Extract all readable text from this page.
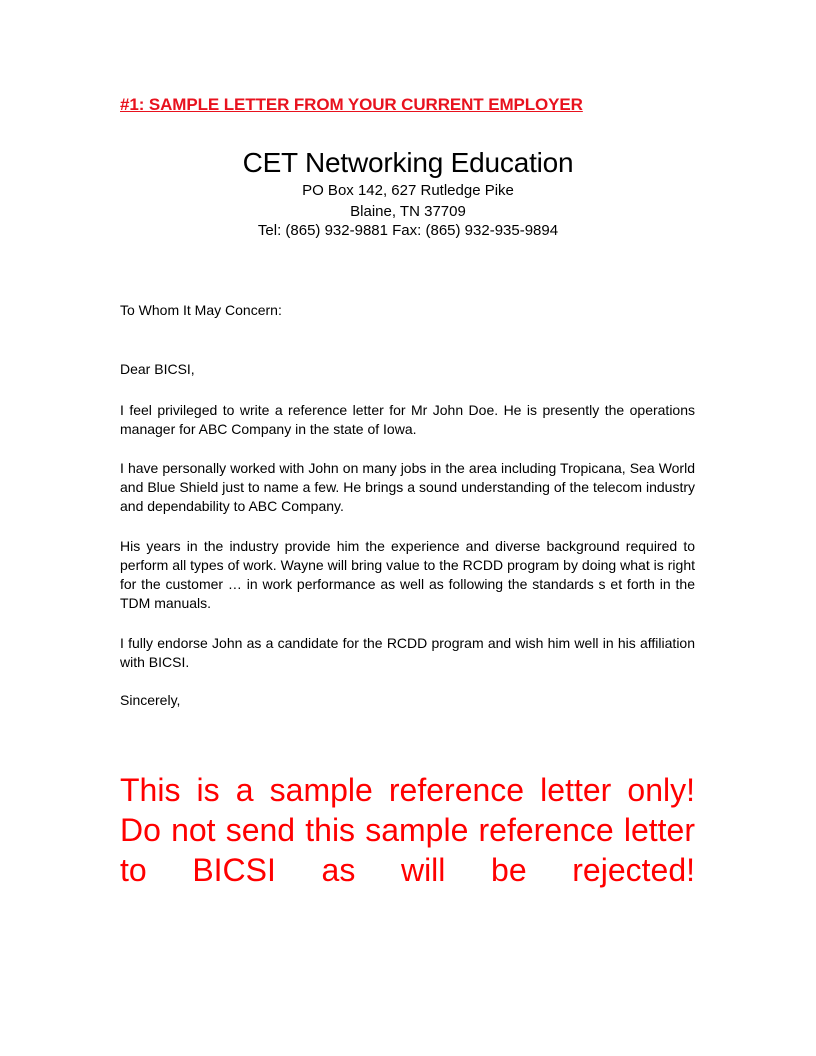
#1: SAMPLE LETTER FROM YOUR CURRENT EMPLOYER
CET Networking Education
PO Box 142, 627 Rutledge Pike
Blaine, TN 37709
Tel: (865) 932-9881 Fax: (865) 932-935-9894
To Whom It May Concern:
Dear BICSI,
I feel privileged to write a reference letter for Mr John Doe. He is presently the operations manager for ABC Company in the state of Iowa.
I have personally worked with John on many jobs in the area including Tropicana, Sea World and Blue Shield just to name a few. He brings a sound understanding of the telecom industry and dependability to ABC Company.
His years in the industry provide him the experience and diverse background required to perform all types of work. Wayne will bring value to the RCDD program by doing what is right for the customer … in work performance as well as following the standards s et forth in the TDM manuals.
I fully endorse John as a candidate for the RCDD program and wish him well in his affiliation with BICSI.
Sincerely,
This is a sample reference letter only! Do not send this sample reference letter to BICSI as will be rejected!
